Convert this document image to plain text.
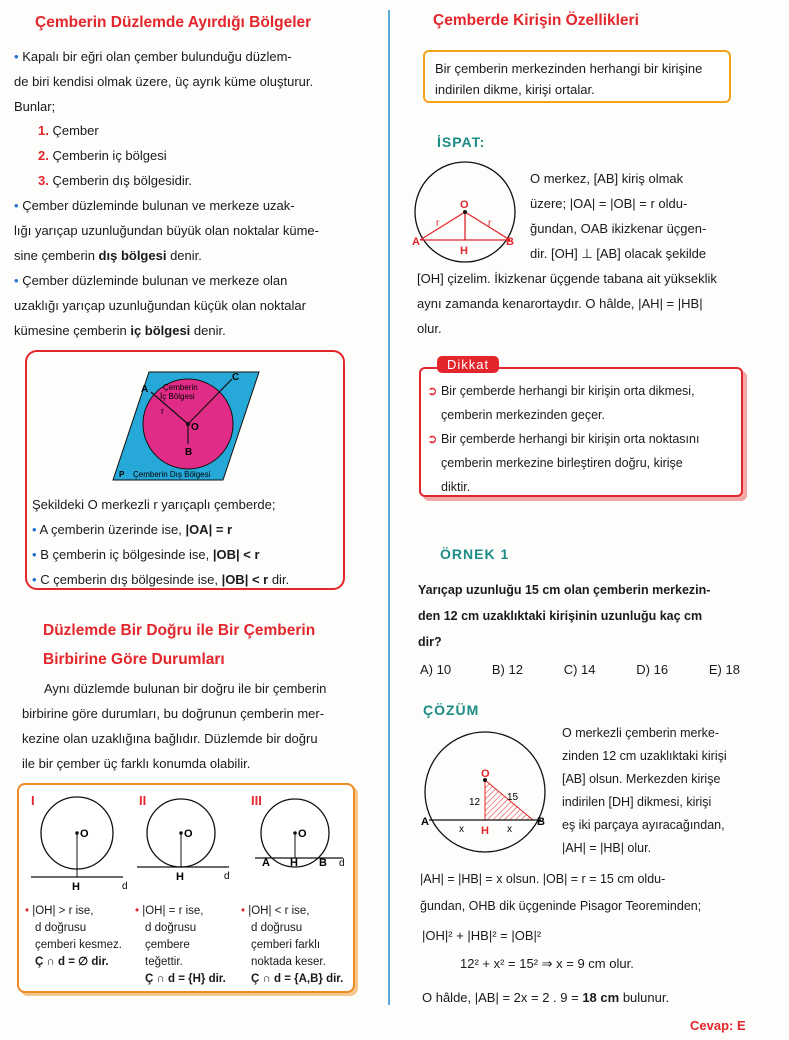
Çemberin Düzlemde Ayırdığı Bölgeler
• Kapalı bir eğri olan çember bulunduğu düzlem-
de biri kendisi olmak üzere, üç ayrık küme oluşturur.
Bunlar;
1. Çember
2. Çemberin iç bölgesi
3. Çemberin dış bölgesidir.
• Çember düzleminde bulunan ve merkeze uzak-
lığı yarıçap uzunluğundan büyük olan noktalar küme-
sine çemberin dış bölgesi denir.
• Çember düzleminde bulunan ve merkeze olan
uzaklığı yarıçap uzunluğundan küçük olan noktalar
kümesine çemberin iç bölgesi denir.
A
C
O
B
r
Çemberin
İç Bölgesi
P Çemberin Dış Bölgesi
Şekildeki O merkezli r yarıçaplı çemberde;
• A çemberin üzerinde ise, |OA| = r
• B çemberin iç bölgesinde ise, |OB| < r
• C çemberin dış bölgesinde ise, |OB| < r dir.
Düzlemde Bir Doğru ile Bir Çemberin
Birbirine Göre Durumları
Aynı düzlemde bulunan bir doğru ile bir çemberin
birbirine göre durumları, bu doğrunun çemberin mer-
kezine olan uzaklığına bağlıdır. Düzlemde bir doğru
ile bir çember üç farklı konumda olabilir.
I	II	III
O
H	d
O
H	d
O
A H B d
• |OH| > r ise,
d doğrusu
çemberi kesmez.
Ç ∩ d = ∅ dir.
• |OH| = r ise,
d doğrusu
çembere
teğettir.
Ç ∩ d = {H} dir.
• |OH| < r ise,
d doğrusu
çemberi farklı
noktada keser.
Ç ∩ d = {A,B} dir.
Çemberde Kirişin Özellikleri
Bir çemberin merkezinden herhangi bir kirişine
indirilen dikme, kirişi ortalar.
İSPAT:
O
A	B
H
r	r
O merkez, [AB] kiriş olmak
üzere; |OA| = |OB| = r oldu-
ğundan, OAB ikizkenar üçgen-
dir. [OH] ⊥ [AB] olacak şekilde
[OH] çizelim. İkizkenar üçgende tabana ait yükseklik
aynı zamanda kenarortaydır. O hâlde, |AH| = |HB|
olur.
➲ Bir çemberde herhangi bir kirişin orta dikmesi,
çemberin merkezinden geçer.
➲ Bir çemberde herhangi bir kirişin orta noktasını
çemberin merkezine birleştiren doğru, kirişe
diktir.
Dikkat
ÖRNEK 1
Yarıçap uzunluğu 15 cm olan çemberin merkezin-
den 12 cm uzaklıktaki kirişinin uzunluğu kaç cm
dir?
A) 10	B) 12	C) 14	D) 16	E) 18
ÇÖZÜM
O
A	B
H
x	x
12	15
O merkezli çemberin merke-
zinden 12 cm uzaklıktaki kirişi
[AB] olsun. Merkezden kirişe
indirilen [DH] dikmesi, kirişi
eş iki parçaya ayıracağından,
|AH| = |HB| olur.
|AH| = |HB| = x olsun. |OB| = r = 15 cm oldu-
ğundan, OHB dik üçgeninde Pisagor Teoreminden;
|OH|² + |HB|² = |OB|²
12² + x² = 15² ⇒ x = 9 cm olur.
O hâlde, |AB| = 2x = 2 . 9 = 18 cm bulunur.
Cevap: E
